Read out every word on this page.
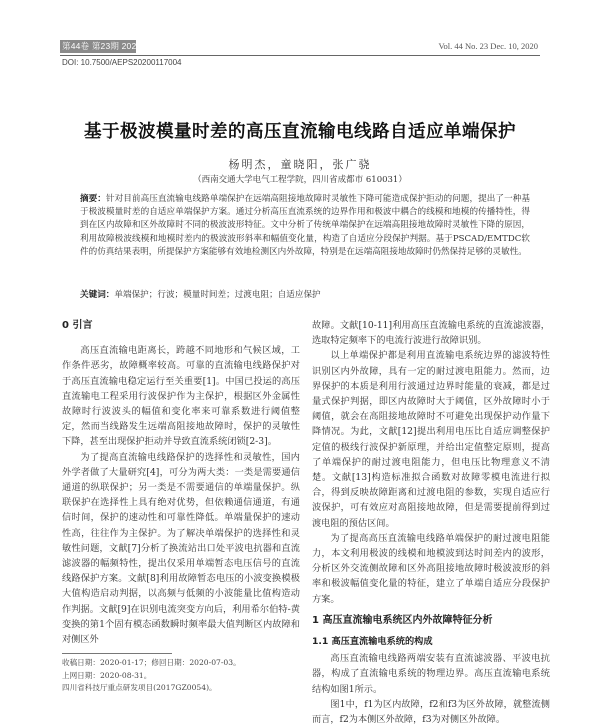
第44卷 第23期 2020年12月10日	Vol. 44 No. 23 Dec. 10, 2020
DOI: 10.7500/AEPS20200117004
基于极波模量时差的高压直流输电线路自适应单端保护
杨明杰，童晓阳，张广骁
（西南交通大学电气工程学院，四川省成都市 610031）
摘要：针对目前高压直流输电线路单端保护在远端高阻接地故障时灵敏性下降可能造成保护拒动的问题，提出了一种基于极波模量时差的自适应单端保护方案。通过分析高压直流系统的边界作用和极波中耦合的线模和地模的传播特性，得到在区内故障和区外故障时不同的极波波形特征。文中分析了传统单端保护在远端高阻接地故障时灵敏性下降的原因，利用故障极波线模和地模时差内的极波波形斜率和幅值变化量，构造了自适应分段保护判据。基于PSCAD/EMTDC软件的仿真结果表明，所提保护方案能够有效地检测区内外故障，特别是在远端高阻接地故障时仍然保持足够的灵敏性。
关键词：单端保护；行波；模量时间差；过渡电阻；自适应保护
0 引言

高压直流输电距离长，跨越不同地形和气候区域，工作条件恶劣，故障概率较高。可靠的直流输电线路保护对于高压直流输电稳定运行至关重要[1]。中国已投运的高压直流输电工程采用行波保护作为主保护，根据区外金属性故障时行波波头的幅值和变化率来可靠系数进行阈值整定，然而当线路发生远端高阻接地故障时，保护的灵敏性下降，甚至出现保护拒动并导致直流系统闭锁[2-3]。

为了提高直流输电线路保护的选择性和灵敏性，国内外学者做了大量研究[4]，可分为两大类：一类是需要通信通道的纵联保护；另一类是不需要通信的单端量保护。纵联保护在选择性上具有绝对优势，但依赖通信通道，有通信时间，保护的速动性和可靠性降低。单端量保护的速动性高，往往作为主保护。为了解决单端保护的选择性和灵敏性问题，文献[7]分析了换流站出口处平波电抗器和直流滤波器的幅频特性，提出仅采用单端暂态电压信号的直流线路保护方案。文献[8]利用故障暂态电压的小波变换模极大值构造启动判据，以高频与低频的小波能量比值构造动作判据。文献[9]在识别电流突变方向后，利用希尔伯特-黄变换的第1个固有模态函数瞬时频率最大值判断区内故障和对侧区外

故障。文献[10-11]利用高压直流输电系统的直流滤波器，选取特定频率下的电流行波进行故障识别。

以上单端保护都是利用直流输电系统边界的滤波特性识别区内外故障，具有一定的耐过渡电阻能力。然而，边界保护的本质是利用行波通过边界时能量的衰减，都是过量式保护判据，即区内故障时大于阈值，区外故障时小于阈值，就会在高阻接地故障时不可避免出现保护动作量下降情况。为此，文献[12]提出利用电压比自适应调整保护定值的极线行波保护新原理，并给出定值整定原则，提高了单端保护的耐过渡电阻能力，但电压比物理意义不清楚。文献[13]构造标准拟合函数对故障零模电流进行拟合，得到反映故障距离和过渡电阻的参数，实现自适应行波保护，可有效应对高阻接地故障，但是需要提前得到过渡电阻的预估区间。

为了提高高压直流输电线路单端保护的耐过渡电阻能力，本文利用极波的线模和地模波到达时间差内的波形，分析区外交流侧故障和区外高阻接地故障时极波波形的斜率和极波幅值变化量的特征，建立了单端自适应分段保护方案。

1 高压直流输电系统区内外故障特征分析
1.1 高压直流输电系统的构成

高压直流输电线路两端安装有直流滤波器、平波电抗器，构成了直流输电系统的物理边界。高压直流输电系统结构如图1所示。

图1中，f1为区内故障，f2和f3为区外故障，就整流侧而言，f2为本侧区外故障，f3为对侧区外故障。

收稿日期：2020-01-17；修回日期：2020-07-03。
上网日期：2020-08-31。
四川省科技厅重点研发项目(2017GZ0054)。
